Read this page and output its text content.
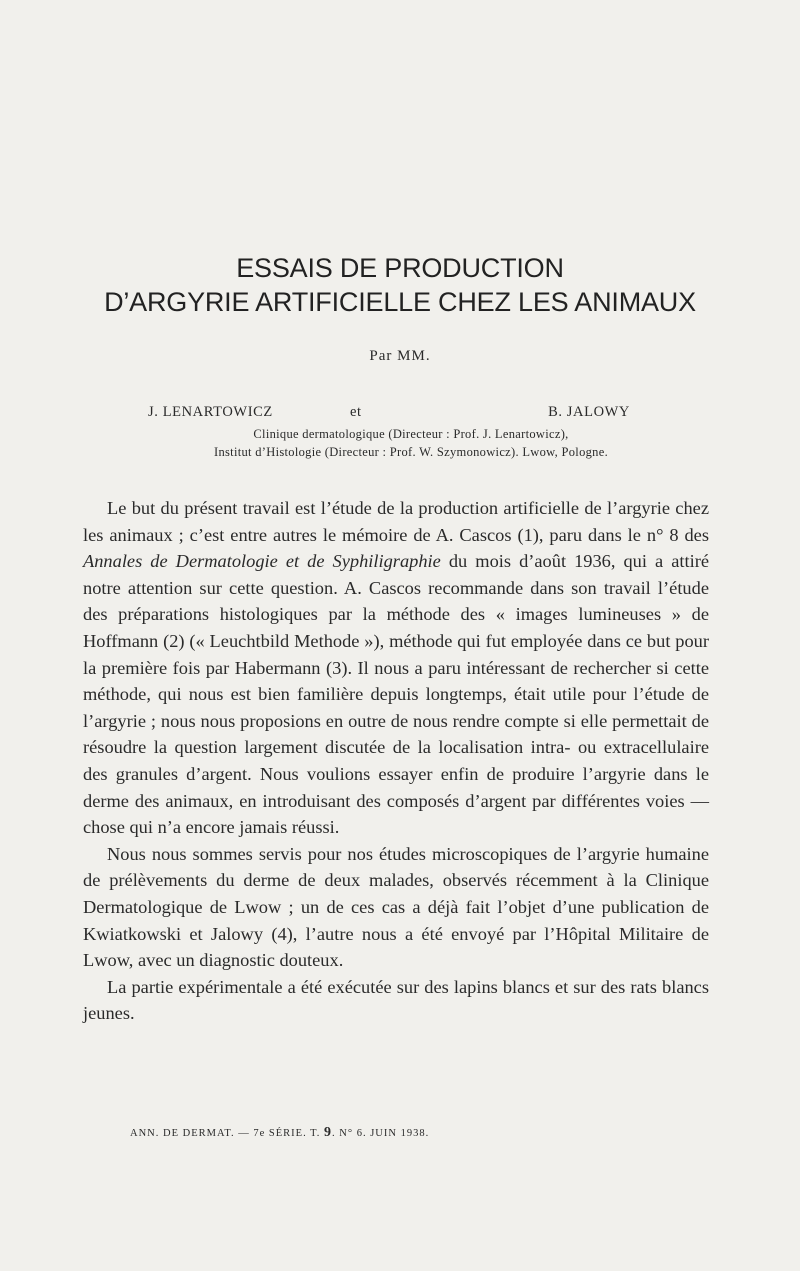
ESSAIS DE PRODUCTION
D’ARGYRIE ARTIFICIELLE CHEZ LES ANIMAUX
Par MM.
J. LENARTOWICZ	et	B. JALOWY
Clinique dermatologique (Directeur : Prof. J. Lenartowicz),
Institut d’Histologie (Directeur : Prof. W. Szymonowicz). Lwow, Pologne.

Le but du présent travail est l’étude de la production artificielle de l’argyrie chez les animaux ; c’est entre autres le mémoire de A. Cascos (1), paru dans le n° 8 des Annales de Dermatologie et de Syphiligraphie du mois d’août 1936, qui a attiré notre attention sur cette question. A. Cascos recommande dans son travail l’étude des préparations histologiques par la méthode des « images lumineuses » de Hoffmann (2) (« Leuchtbild Methode »), méthode qui fut employée dans ce but pour la première fois par Habermann (3). Il nous a paru intéressant de rechercher si cette méthode, qui nous est bien familière depuis longtemps, était utile pour l’étude de l’argyrie ; nous nous proposions en outre de nous rendre compte si elle permettait de résoudre la question largement discutée de la localisation intra- ou extracellulaire des granules d’argent. Nous voulions essayer enfin de produire l’argyrie dans le derme des animaux, en introduisant des composés d’argent par différentes voies — chose qui n’a encore jamais réussi.

Nous nous sommes servis pour nos études microscopiques de l’argyrie humaine de prélèvements du derme de deux malades, observés récemment à la Clinique Dermatologique de Lwow ; un de ces cas a déjà fait l’objet d’une publication de Kwiatkowski et Jalowy (4), l’autre nous a été envoyé par l’Hôpital Militaire de Lwow, avec un diagnostic douteux.

La partie expérimentale a été exécutée sur des lapins blancs et sur des rats blancs jeunes.

ANN. DE DERMAT. — 7e SÉRIE. T. 9. N° 6. JUIN 1938.
